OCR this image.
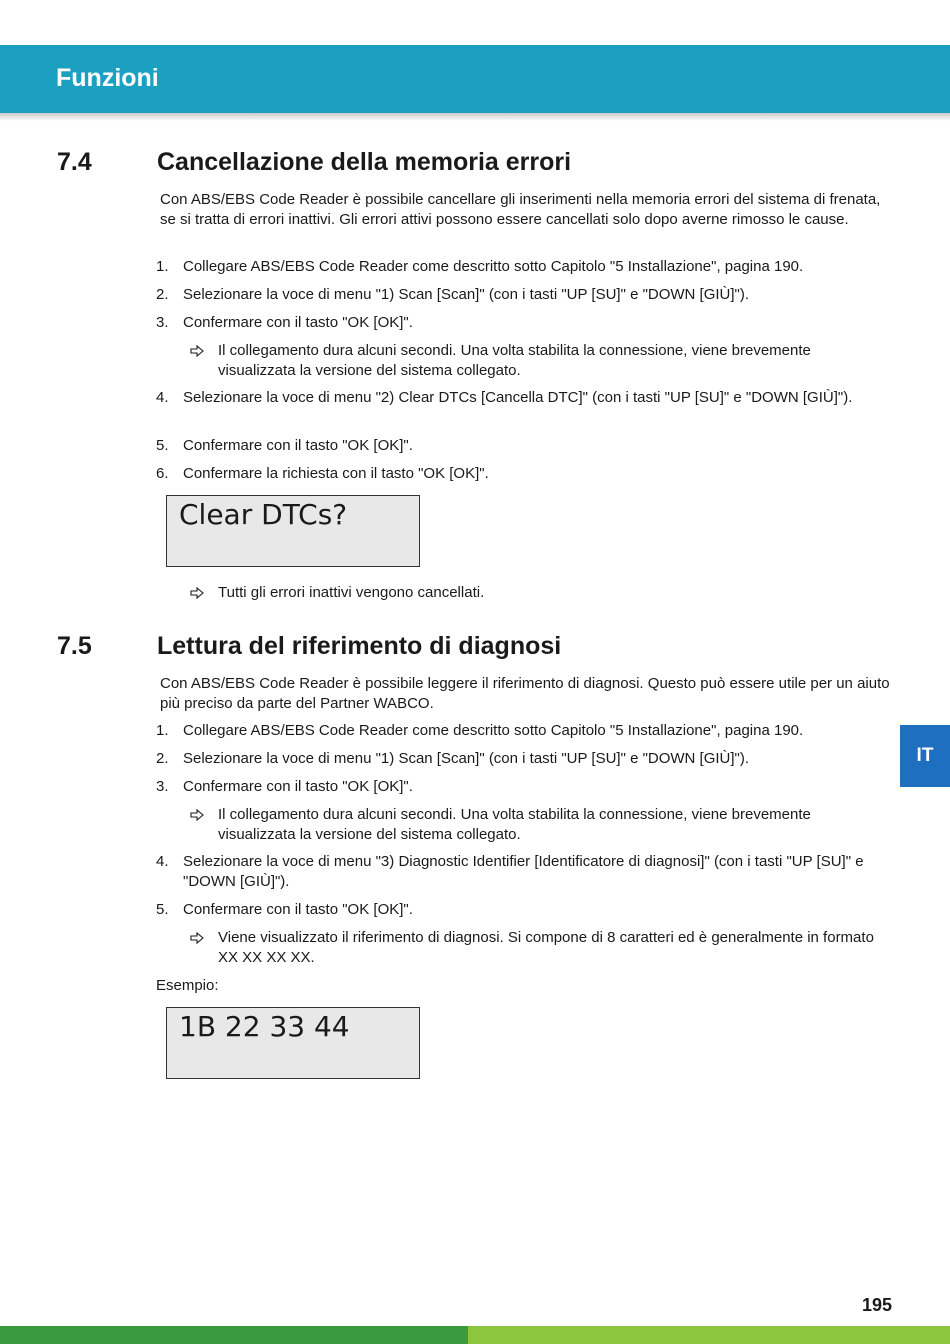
Funzioni
7.4	Cancellazione della memoria errori
Con ABS/EBS Code Reader è possibile cancellare gli inserimenti nella memoria errori del sistema di frenata, se si tratta di errori inattivi. Gli errori attivi possono essere cancellati solo dopo averne rimosso le cause.
1. Collegare ABS/EBS Code Reader come descritto sotto Capitolo "5 Installazione", pagina 190.
2. Selezionare la voce di menu "1) Scan [Scan]" (con i tasti "UP [SU]" e "DOWN [GIÙ]").
3. Confermare con il tasto "OK [OK]".
Il collegamento dura alcuni secondi. Una volta stabilita la connessione, viene brevemente visualizzata la versione del sistema collegato.
4. Selezionare la voce di menu "2) Clear DTCs [Cancella DTC]" (con i tasti "UP [SU]" e "DOWN [GIÙ]").
5. Confermare con il tasto "OK [OK]".
6. Confermare la richiesta con il tasto "OK [OK]".
Clear DTCs?
Tutti gli errori inattivi vengono cancellati.
7.5	Lettura del riferimento di diagnosi
Con ABS/EBS Code Reader è possibile leggere il riferimento di diagnosi. Questo può essere utile per un aiuto più preciso da parte del Partner WABCO.
1. Collegare ABS/EBS Code Reader come descritto sotto Capitolo "5 Installazione", pagina 190.
2. Selezionare la voce di menu "1) Scan [Scan]" (con i tasti "UP [SU]" e "DOWN [GIÙ]").
3. Confermare con il tasto "OK [OK]".
Il collegamento dura alcuni secondi. Una volta stabilita la connessione, viene brevemente visualizzata la versione del sistema collegato.
4. Selezionare la voce di menu "3) Diagnostic Identifier [Identificatore di diagnosi]" (con i tasti "UP [SU]" e "DOWN [GIÙ]").
5. Confermare con il tasto "OK [OK]".
Viene visualizzato il riferimento di diagnosi. Si compone di 8 caratteri ed è generalmente in formato XX XX XX XX.
Esempio:
1B 22 33 44
IT
195
